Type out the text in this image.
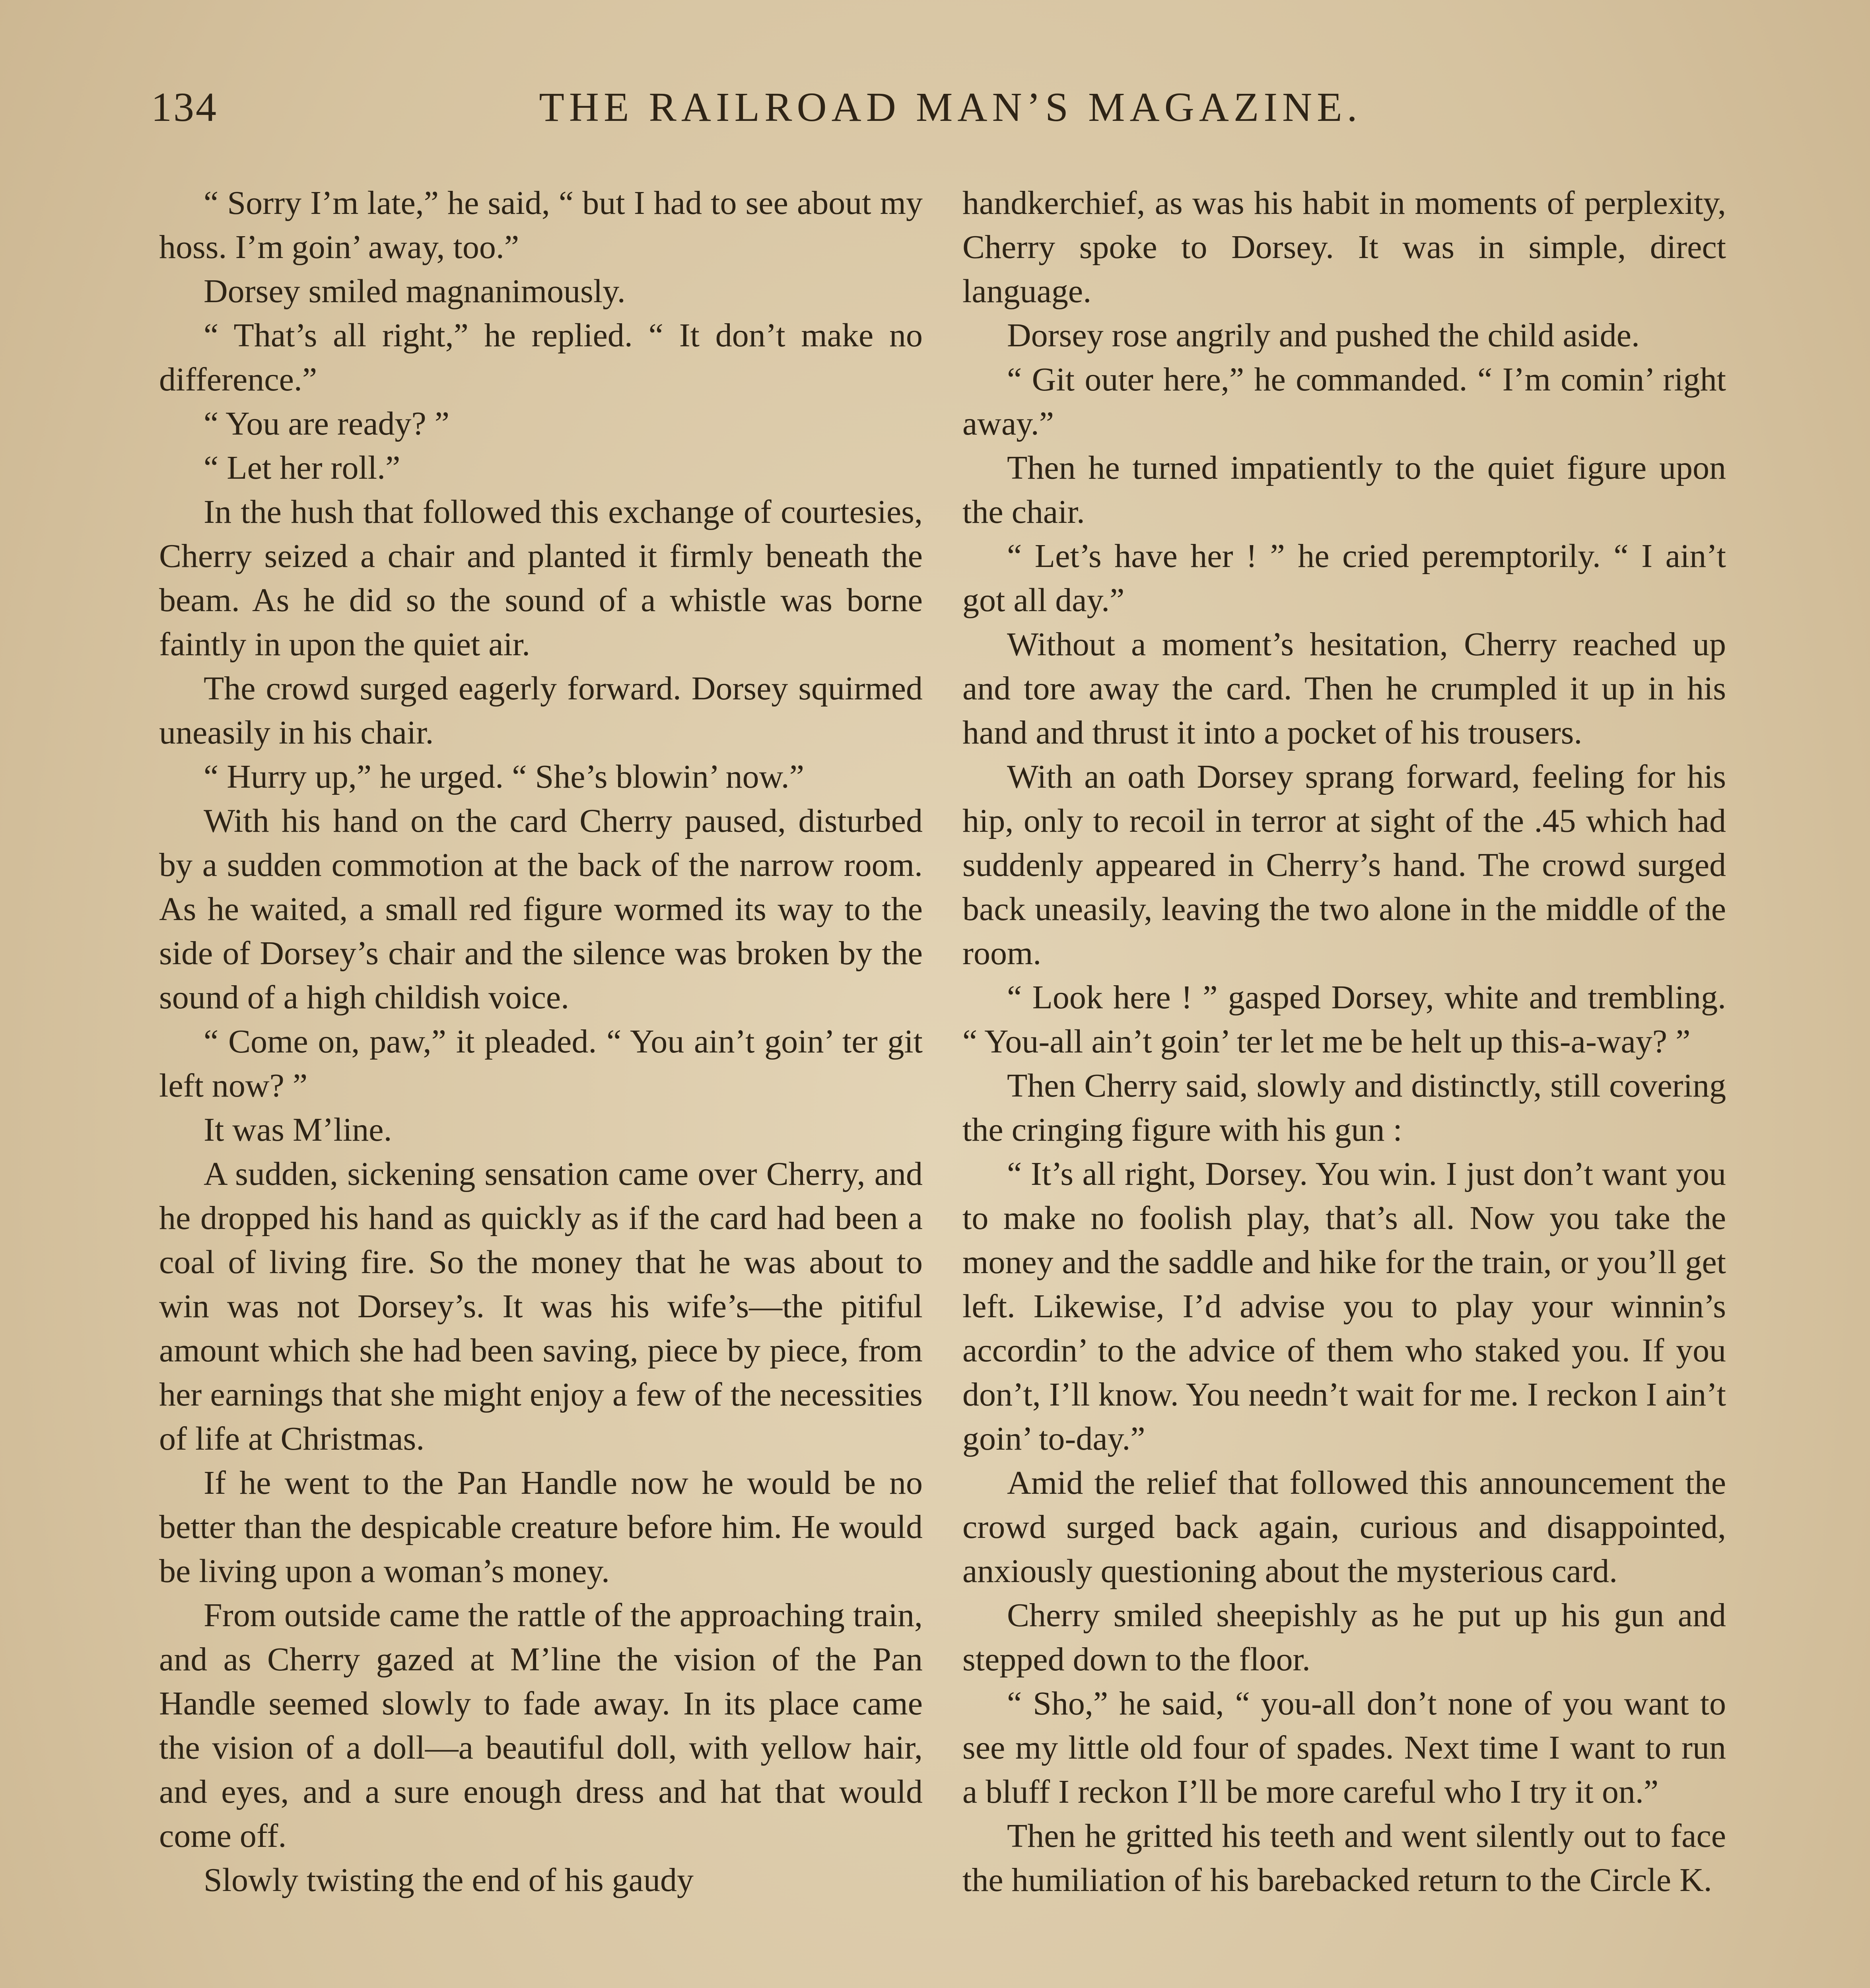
134	THE RAILROAD MAN’S MAGAZINE.

“ Sorry I’m late,” he said, “ but I had to see about my hoss. I’m goin’ away, too.”

Dorsey smiled magnanimously.

“ That’s all right,” he replied. “ It don’t make no difference.”

“ You are ready? ”

“ Let her roll.”

In the hush that followed this exchange of courtesies, Cherry seized a chair and planted it firmly beneath the beam. As he did so the sound of a whistle was borne faintly in upon the quiet air.

The crowd surged eagerly forward. Dorsey squirmed uneasily in his chair.

“ Hurry up,” he urged. “ She’s blowin’ now.”

With his hand on the card Cherry paused, disturbed by a sudden commotion at the back of the narrow room. As he waited, a small red figure wormed its way to the side of Dorsey’s chair and the silence was broken by the sound of a high childish voice.

“ Come on, paw,” it pleaded. “ You ain’t goin’ ter git left now? ”

It was M’line.

A sudden, sickening sensation came over Cherry, and he dropped his hand as quickly as if the card had been a coal of living fire. So the money that he was about to win was not Dorsey’s. It was his wife’s—the pitiful amount which she had been saving, piece by piece, from her earnings that she might enjoy a few of the necessities of life at Christmas.

If he went to the Pan Handle now he would be no better than the despicable creature before him. He would be living upon a woman’s money.

From outside came the rattle of the approaching train, and as Cherry gazed at M’line the vision of the Pan Handle seemed slowly to fade away. In its place came the vision of a doll—a beautiful doll, with yellow hair, and eyes, and a sure enough dress and hat that would come off.

Slowly twisting the end of his gaudy

handkerchief, as was his habit in moments of perplexity, Cherry spoke to Dorsey. It was in simple, direct language.

Dorsey rose angrily and pushed the child aside.

“ Git outer here,” he commanded. “ I’m comin’ right away.”

Then he turned impatiently to the quiet figure upon the chair.

“ Let’s have her ! ” he cried peremptorily. “ I ain’t got all day.”

Without a moment’s hesitation, Cherry reached up and tore away the card. Then he crumpled it up in his hand and thrust it into a pocket of his trousers.

With an oath Dorsey sprang forward, feeling for his hip, only to recoil in terror at sight of the .45 which had suddenly appeared in Cherry’s hand. The crowd surged back uneasily, leaving the two alone in the middle of the room.

“ Look here ! ” gasped Dorsey, white and trembling. “ You-all ain’t goin’ ter let me be helt up this-a-way? ”

Then Cherry said, slowly and distinctly, still covering the cringing figure with his gun :

“ It’s all right, Dorsey. You win. I just don’t want you to make no foolish play, that’s all. Now you take the money and the saddle and hike for the train, or you’ll get left. Likewise, I’d advise you to play your winnin’s accordin’ to the advice of them who staked you. If you don’t, I’ll know. You needn’t wait for me. I reckon I ain’t goin’ to-day.”

Amid the relief that followed this announcement the crowd surged back again, curious and disappointed, anxiously questioning about the mysterious card.

Cherry smiled sheepishly as he put up his gun and stepped down to the floor.

“ Sho,” he said, “ you-all don’t none of you want to see my little old four of spades. Next time I want to run a bluff I reckon I’ll be more careful who I try it on.”

Then he gritted his teeth and went silently out to face the humiliation of his barebacked return to the Circle K.
